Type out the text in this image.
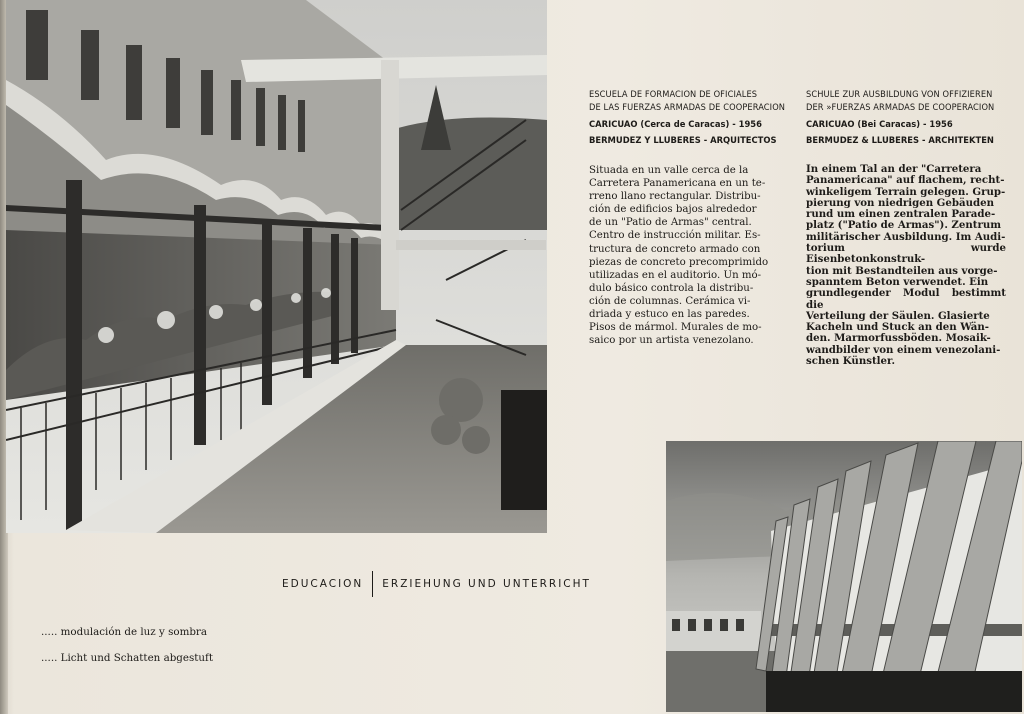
ESCUELA DE FORMACION DE OFICIALES

DE LAS FUERZAS ARMADAS DE COOPERACION

CARICUAO (Cerca de Caracas) - 1956
BERMUDEZ Y LLUBERES - ARQUITECTOS
Situada en un valle cerca de la
Carretera Panamericana en un te-
rreno llano rectangular. Distribu-
ción de edificios bajos alrededor
de un "Patio de Armas" central.
Centro de instrucción militar. Es-
tructura de concreto armado con
piezas de concreto precomprimido
utilizadas en el auditorio. Un mó-
dulo básico controla la distribu-
ción de columnas. Cerámica vi-
driada y estuco en las paredes.
Pisos de mármol. Murales de mo-
saico por un artista venezolano.

SCHULE ZUR AUSBILDUNG VON OFFIZIEREN

DER »FUERZAS ARMADAS DE COOPERACION

CARICUAO (Bei Caracas) - 1956
BERMUDEZ & LLUBERES - ARCHITEKTEN
In einem Tal an der "Carretera
Panamericana" auf flachem, recht-
winkeligem Terrain gelegen. Grup-
pierung von niedrigen Gebäuden
rund um einen zentralen Parade-
platz ("Patio de Armas"). Zentrum
militärischer Ausbildung. Im Audi-
torium wurde Eisenbetonkonstruk-
tion mit Bestandteilen aus vorge-
spanntem Beton verwendet. Ein
grundlegender Modul bestimmt die
Verteilung der Säulen. Glasierte
Kacheln und Stuck an den Wän-
den. Marmorfussböden. Mosaik-
wandbilder von einem venezolani-
schen Künstler.
EDUCACION ERZIEHUNG UND UNTERRICHT
..... modulación de luz y sombra
..... Licht und Schatten abgestuft
